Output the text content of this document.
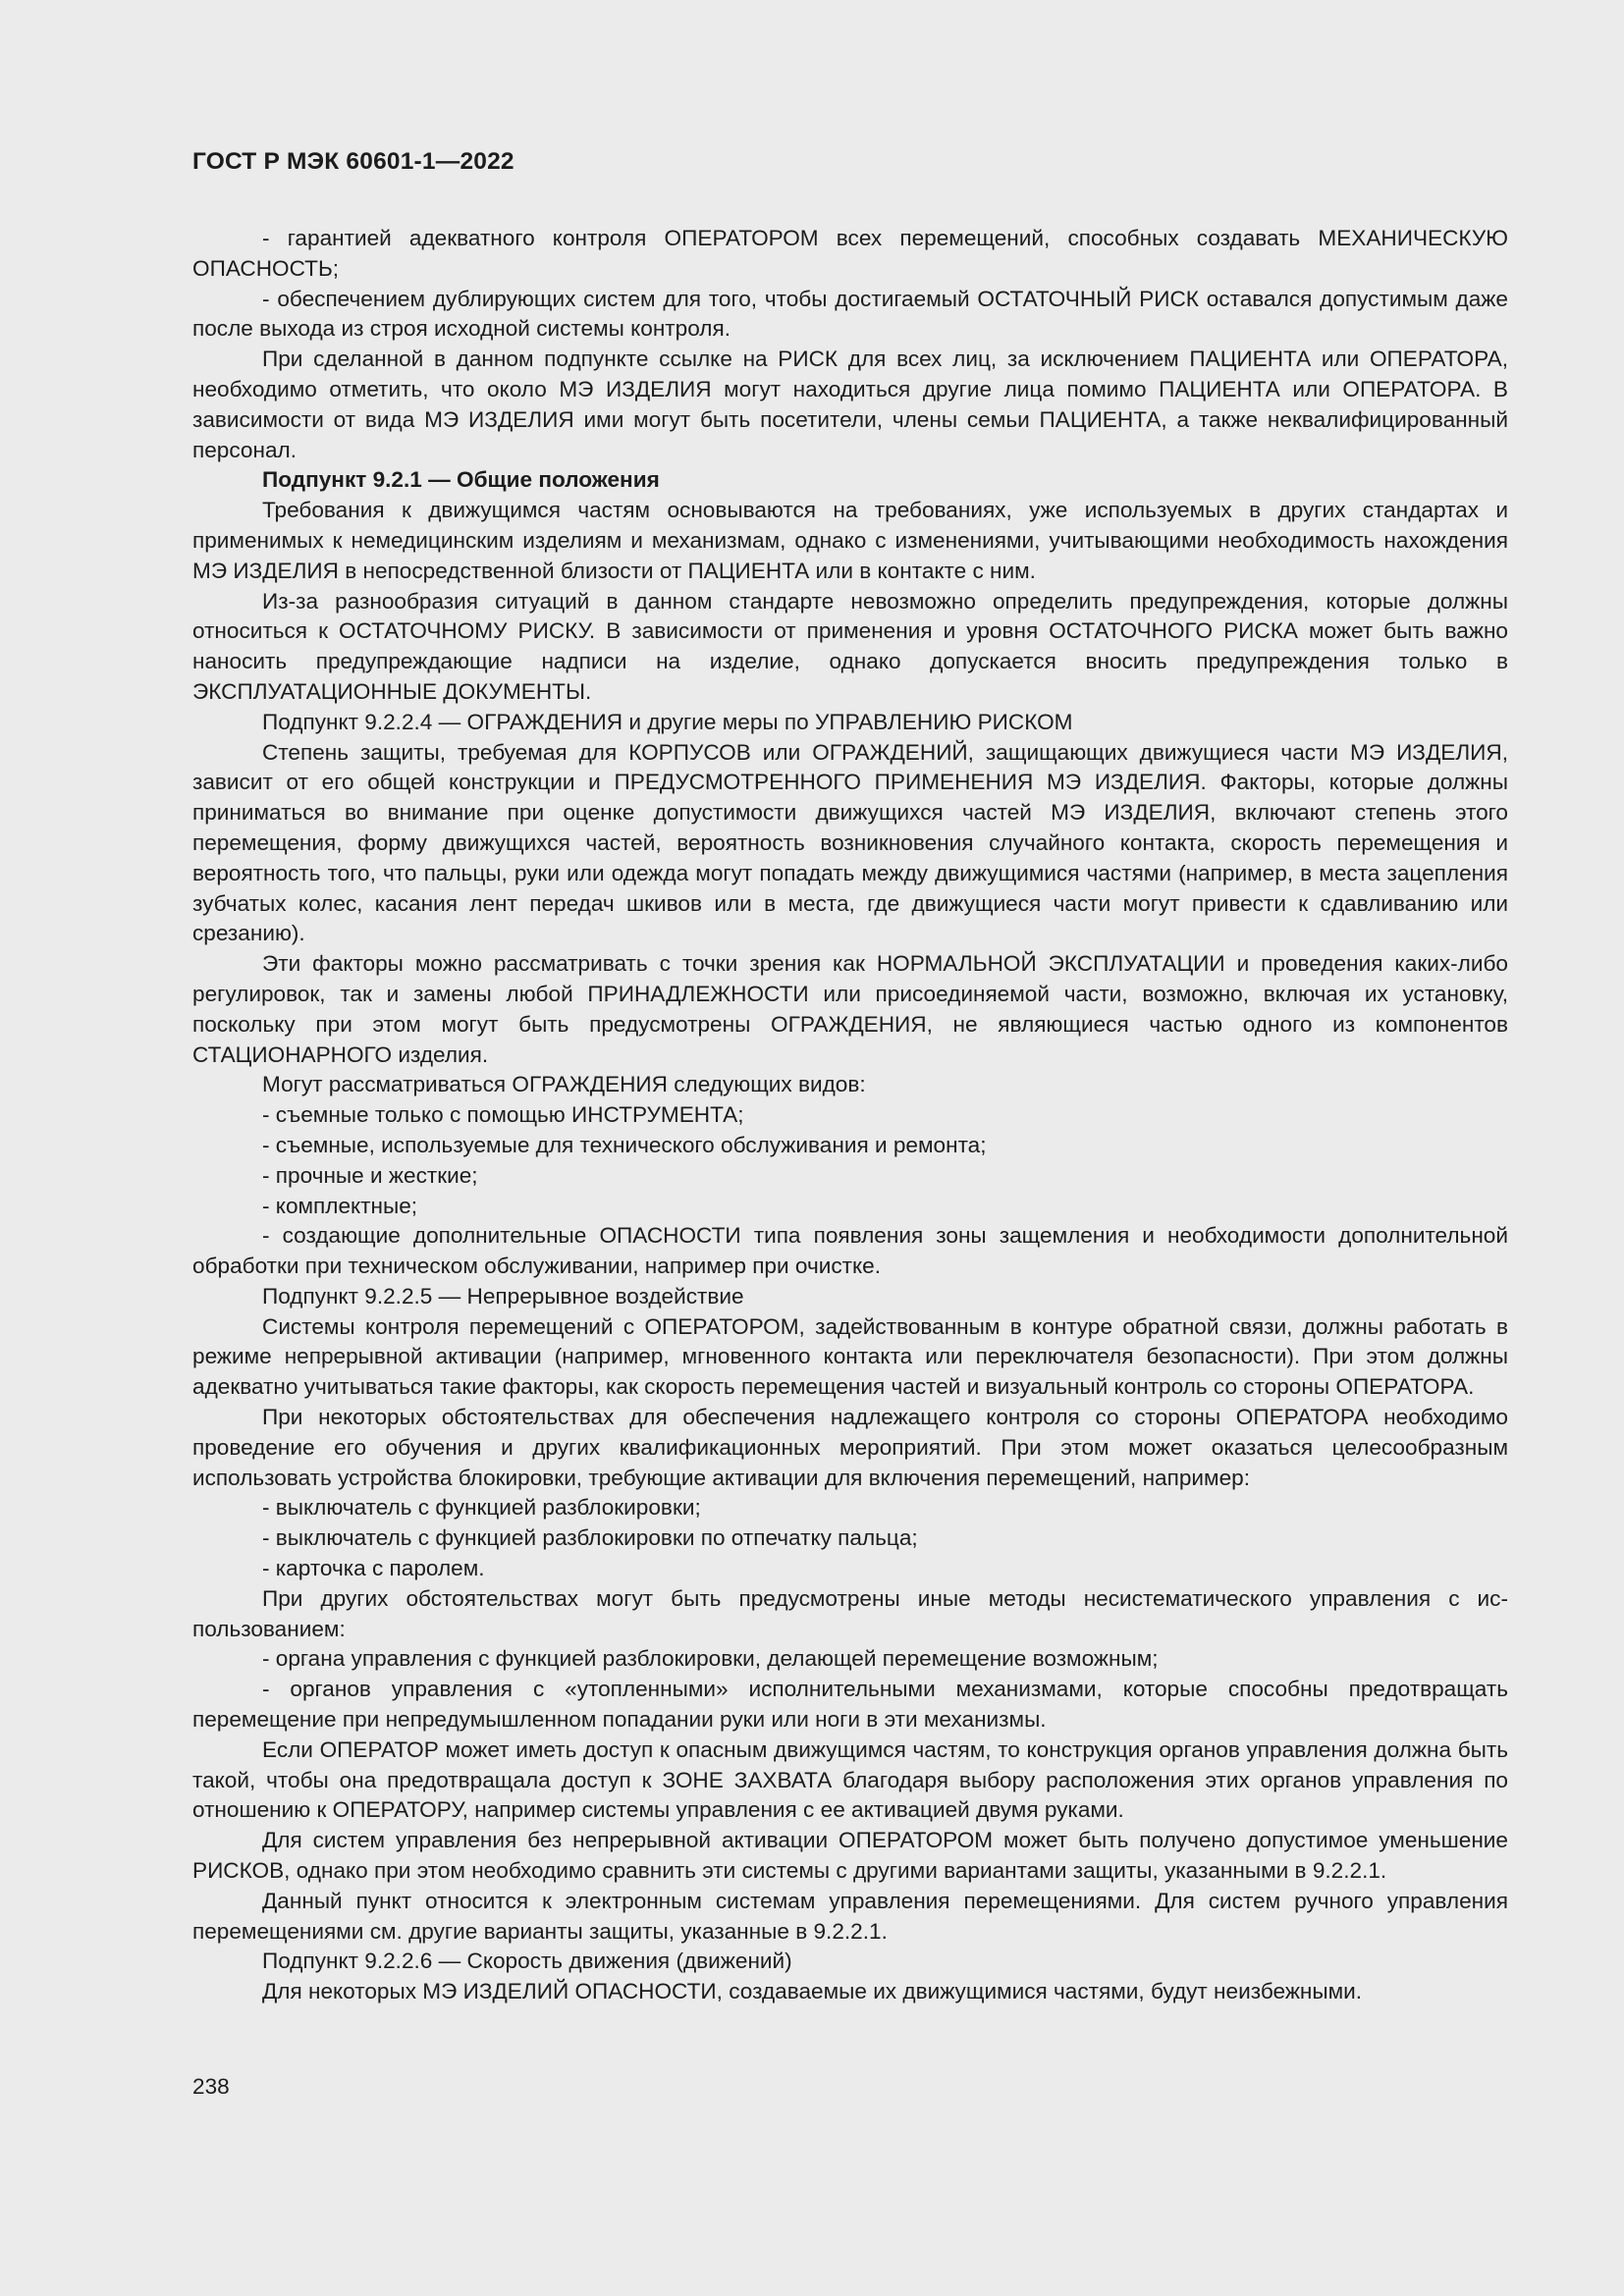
ГОСТ Р МЭК 60601-1—2022

- гарантией адекватного контроля ОПЕРАТОРОМ всех перемещений, способных создавать МЕХАНИЧЕСКУЮ ОПАСНОСТЬ;

- обеспечением дублирующих систем для того, чтобы достигаемый ОСТАТОЧНЫЙ РИСК оставался допустимым даже после выхода из строя исходной системы контроля.

При сделанной в данном подпункте ссылке на РИСК для всех лиц, за исключением ПАЦИЕНТА или ОПЕРАТОРА, необходимо отметить, что около МЭ ИЗДЕЛИЯ могут находиться другие лица помимо ПАЦИЕНТА или ОПЕРАТОРА. В зависимости от вида МЭ ИЗДЕЛИЯ ими могут быть посетители, члены семьи ПАЦИЕНТА, а также неквалифицированный персонал.

Подпункт 9.2.1 — Общие положения

Требования к движущимся частям основываются на требованиях, уже используемых в других стандартах и применимых к немедицинским изделиям и механизмам, однако с изменениями, учитывающими необходимость нахождения МЭ ИЗДЕЛИЯ в непосредственной близости от ПАЦИЕНТА или в контакте с ним.

Из-за разнообразия ситуаций в данном стандарте невозможно определить предупреждения, которые должны относиться к ОСТАТОЧНОМУ РИСКУ. В зависимости от применения и уровня ОСТАТОЧНОГО РИСКА может быть важно наносить предупреждающие надписи на изделие, однако допускается вносить предупреждения только в ЭКСПЛУАТАЦИОННЫЕ ДОКУМЕНТЫ.

Подпункт 9.2.2.4 — ОГРАЖДЕНИЯ и другие меры по УПРАВЛЕНИЮ РИСКОМ

Степень защиты, требуемая для КОРПУСОВ или ОГРАЖДЕНИЙ, защищающих движущиеся части МЭ ИЗДЕЛИЯ, зависит от его общей конструкции и ПРЕДУСМОТРЕННОГО ПРИМЕНЕНИЯ МЭ ИЗДЕЛИЯ. Факторы, которые должны приниматься во внимание при оценке допустимости движущихся частей МЭ ИЗДЕЛИЯ, включают степень этого перемещения, форму движущихся частей, вероятность возникновения случайного контакта, скорость перемещения и вероятность того, что пальцы, руки или одежда могут попадать между движущимися частями (например, в места зацепления зубчатых колес, касания лент передач шкивов или в места, где движущиеся части могут привести к сдавливанию или срезанию).

Эти факторы можно рассматривать с точки зрения как НОРМАЛЬНОЙ ЭКСПЛУАТАЦИИ и проведения каких-либо регулировок, так и замены любой ПРИНАДЛЕЖНОСТИ или присоединяемой части, возможно, включая их установку, поскольку при этом могут быть предусмотрены ОГРАЖДЕНИЯ, не являющиеся частью одного из компонентов СТАЦИОНАРНОГО изделия.

Могут рассматриваться ОГРАЖДЕНИЯ следующих видов:

- съемные только с помощью ИНСТРУМЕНТА;

- съемные, используемые для технического обслуживания и ремонта;

- прочные и жесткие;

- комплектные;

- создающие дополнительные ОПАСНОСТИ типа появления зоны защемления и необходимости дополнительной обработки при техническом обслуживании, например при очистке.

Подпункт 9.2.2.5 — Непрерывное воздействие

Системы контроля перемещений с ОПЕРАТОРОМ, задействованным в контуре обратной связи, должны работать в режиме непрерывной активации (например, мгновенного контакта или переключателя безопасности). При этом должны адекватно учитываться такие факторы, как скорость перемещения частей и визуальный контроль со стороны ОПЕРАТОРА.

При некоторых обстоятельствах для обеспечения надлежащего контроля со стороны ОПЕРАТОРА необходимо проведение его обучения и других квалификационных мероприятий. При этом может оказаться целесообразным использовать устройства блокировки, требующие активации для включения перемещений, например:

- выключатель с функцией разблокировки;

- выключатель с функцией разблокировки по отпечатку пальца;

- карточка с паролем.

При других обстоятельствах могут быть предусмотрены иные методы несистематического управления с использованием:

- органа управления с функцией разблокировки, делающей перемещение возможным;

- органов управления с «утопленными» исполнительными механизмами, которые способны предотвращать перемещение при непредумышленном попадании руки или ноги в эти механизмы.

Если ОПЕРАТОР может иметь доступ к опасным движущимся частям, то конструкция органов управления должна быть такой, чтобы она предотвращала доступ к ЗОНЕ ЗАХВАТА благодаря выбору расположения этих органов управления по отношению к ОПЕРАТОРУ, например системы управления с ее активацией двумя руками.

Для систем управления без непрерывной активации ОПЕРАТОРОМ может быть получено допустимое уменьшение РИСКОВ, однако при этом необходимо сравнить эти системы с другими вариантами защиты, указанными в 9.2.2.1.

Данный пункт относится к электронным системам управления перемещениями. Для систем ручного управления перемещениями см. другие варианты защиты, указанные в 9.2.2.1.

Подпункт 9.2.2.6 — Скорость движения (движений)

Для некоторых МЭ ИЗДЕЛИЙ ОПАСНОСТИ, создаваемые их движущимися частями, будут неизбежными.

238
